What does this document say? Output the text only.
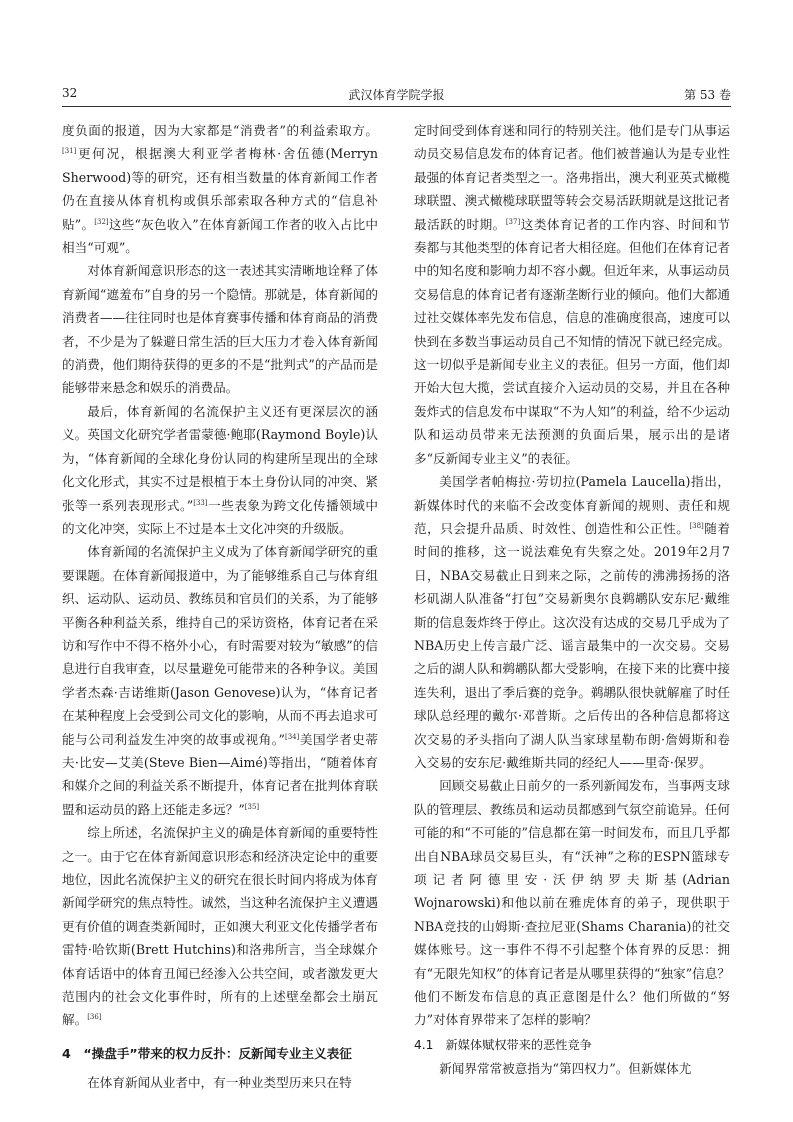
32	武汉体育学院学报	第 53 卷

度负面的报道，因为大家都是“消费者”的利益索取方。[31]更何况，根据澳大利亚学者梅林·舍伍德(Merryn Sherwood)等的研究，还有相当数量的体育新闻工作者仍在直接从体育机构或俱乐部索取各种方式的“信息补贴”。[32]这些“灰色收入”在体育新闻工作者的收入占比中相当“可观”。

对体育新闻意识形态的这一表述其实清晰地诠释了体育新闻“遮羞布”自身的另一个隐情。那就是，体育新闻的消费者——往往同时也是体育赛事传播和体育商品的消费者，不少是为了躲避日常生活的巨大压力才卷入体育新闻的消费，他们期待获得的更多的不是“批判式”的产品而是能够带来悬念和娱乐的消费品。

最后，体育新闻的名流保护主义还有更深层次的涵义。英国文化研究学者雷蒙德·鲍耶(Raymond Boyle)认为，“体育新闻的全球化身份认同的构建所呈现出的全球化文化形式，其实不过是根植于本土身份认同的冲突、紧张等一系列表现形式。”[33]一些表象为跨文化传播领域中的文化冲突，实际上不过是本土文化冲突的升级版。

体育新闻的名流保护主义成为了体育新闻学研究的重要课题。在体育新闻报道中，为了能够维系自己与体育组织、运动队、运动员、教练员和官员们的关系，为了能够平衡各种利益关系，维持自己的采访资格，体育记者在采访和写作中不得不格外小心，有时需要对较为“敏感”的信息进行自我审查，以尽量避免可能带来的各种争议。美国学者杰森·吉诺维斯(Jason Genovese)认为，“体育记者在某种程度上会受到公司文化的影响，从而不再去追求可能与公司利益发生冲突的故事或视角。”[34]美国学者史蒂夫·比安—艾美(Steve Bien—Aimé)等指出，“随着体育和媒介之间的利益关系不断提升，体育记者在批判体育联盟和运动员的路上还能走多远？”[35]

综上所述，名流保护主义的确是体育新闻的重要特性之一。由于它在体育新闻意识形态和经济决定论中的重要地位，因此名流保护主义的研究在很长时间内将成为体育新闻学研究的焦点特性。诚然，当这种名流保护主义遭遇更有价值的调查类新闻时，正如澳大利亚文化传播学者布雷特·哈钦斯(Brett Hutchins)和洛弗所言，当全球媒介体育话语中的体育丑闻已经渗入公共空间，或者激发更大范围内的社会文化事件时，所有的上述壁垒都会土崩瓦解。[36]

4　“操盘手”带来的权力反扑：反新闻专业主义表征

在体育新闻从业者中，有一种业类型历来只在特

定时间受到体育迷和同行的特别关注。他们是专门从事运动员交易信息发布的体育记者。他们被普遍认为是专业性最强的体育记者类型之一。洛弗指出，澳大利亚英式橄榄球联盟、澳式橄榄球联盟等转会交易活跃期就是这批记者最活跃的时期。[37]这类体育记者的工作内容、时间和节奏都与其他类型的体育记者大相径庭。但他们在体育记者中的知名度和影响力却不容小觑。但近年来，从事运动员交易信息的体育记者有逐渐垄断行业的倾向。他们大都通过社交媒体率先发布信息，信息的准确度很高，速度可以快到在多数当事运动员自己不知情的情况下就已经完成。这一切似乎是新闻专业主义的表征。但另一方面，他们却开始大包大揽，尝试直接介入运动员的交易，并且在各种轰炸式的信息发布中谋取“不为人知”的利益，给不少运动队和运动员带来无法预测的负面后果，展示出的是诸多“反新闻专业主义”的表征。

美国学者帕梅拉·劳切拉(Pamela Laucella)指出，新媒体时代的来临不会改变体育新闻的规则、责任和规范，只会提升品质、时效性、创造性和公正性。[38]随着时间的推移，这一说法难免有失察之处。2019年2月7日，NBA交易截止日到来之际，之前传的沸沸扬扬的洛杉矶湖人队准备“打包”交易新奥尔良鹈鹕队安东尼·戴维斯的信息轰炸终于停止。这次没有达成的交易几乎成为了NBA历史上传言最广泛、谣言最集中的一次交易。交易之后的湖人队和鹈鹕队都大受影响，在接下来的比赛中接连失利，退出了季后赛的竞争。鹈鹕队很快就解雇了时任球队总经理的戴尔·邓普斯。之后传出的各种信息都将这次交易的矛头指向了湖人队当家球星勒布朗·詹姆斯和卷入交易的安东尼·戴维斯共同的经纪人——里奇·保罗。

回顾交易截止日前夕的一系列新闻发布，当事两支球队的管理层、教练员和运动员都感到气氛空前诡异。任何可能的和“不可能的”信息都在第一时间发布，而且几乎都出自NBA球员交易巨头，有“沃神”之称的ESPN篮球专项记者阿德里安·沃伊纳罗夫斯基(Adrian Wojnarowski)和他以前在雅虎体育的弟子，现供职于NBA竞技的山姆斯·查拉尼亚(Shams Charania)的社交媒体账号。这一事件不得不引起整个体育界的反思：拥有“无限先知权”的体育记者是从哪里获得的“独家”信息？他们不断发布信息的真正意图是什么？他们所做的“努力”对体育界带来了怎样的影响？

4.1　新媒体赋权带来的恶性竞争

新闻界常常被意指为“第四权力”。但新媒体尤
